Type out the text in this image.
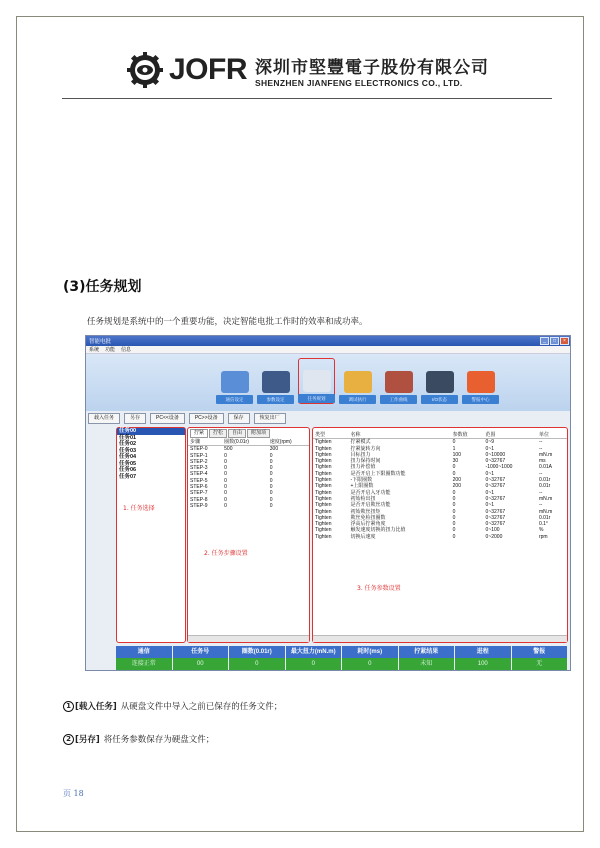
JOFR 深圳市堅豐電子股份有限公司
SHENZHEN JIANFENG ELECTRONICS CO., LTD.
(3)任务规划
任务规划是系统中的一个重要功能，决定智能电批工作时的效率和成功率。
智能电批	_	□	×
系统 功能 信息
通信设定	参数设定	任务规划	调试执行	工作曲线	I/O状态	警报中心
载入任务	另存	PC<<设备	PC>>设备	保存	恢复出厂
任务00
任务01
任务02
任务03
任务04
任务05
任务06
任务07
1. 任务选择
拧紧	拧松	自由	附加项
步骤	圈数(0.01r)	速度(rpm)
STEP-0	500	300
STEP-1	0	0
STEP-2	0	0
STEP-3	0	0
STEP-4	0	0
STEP-5	0	0
STEP-6	0	0
STEP-7	0	0
STEP-8	0	0
STEP-9	0	0
2. 任务步骤设置
类型	名称	参数值	范围	单位
Tighten	拧紧模式	0	0~9	--
Tighten	拧紧旋转方向	1	0~1	--
Tighten	目标扭力	100	0~10000	mN.m
Tighten	扭力保持时间	30	0~32767	ms
Tighten	扭力补偿值	0	-1000~1000	0.01A
Tighten	是否开启上下限圈数功能	0	0~1	--
Tighten	-下限圈数	200	0~32767	0.01r
Tighten	+上限圈数	200	0~32767	0.01r
Tighten	是否开启入牙功能	0	0~1	--
Tighten	初始检出扭	0	0~32767	mN.m
Tighten	是否开启欺丝功能	0	0~1	--
Tighten	初始欺丝扭矩	0	0~32767	mN.m
Tighten	欺丝免检扭圈数	0	0~32767	0.01r
Tighten	浮高后拧紧角度	0	0~32767	0.1°
Tighten	触发速度切换的扭力比值	0	0~100	%
Tighten	切换后速度	0	0~2000	rpm
3. 任务参数设置
通信	任务号	圈数(0.01r)	最大扭力(mN.m)	耗时(ms)	拧紧结果	进程	警报
连接正常	00	0	0	0	未知	100	无
1 [载入任务] 从硬盘文件中导入之前已保存的任务文件；
2 [另存] 将任务参数保存为硬盘文件；
页 18
